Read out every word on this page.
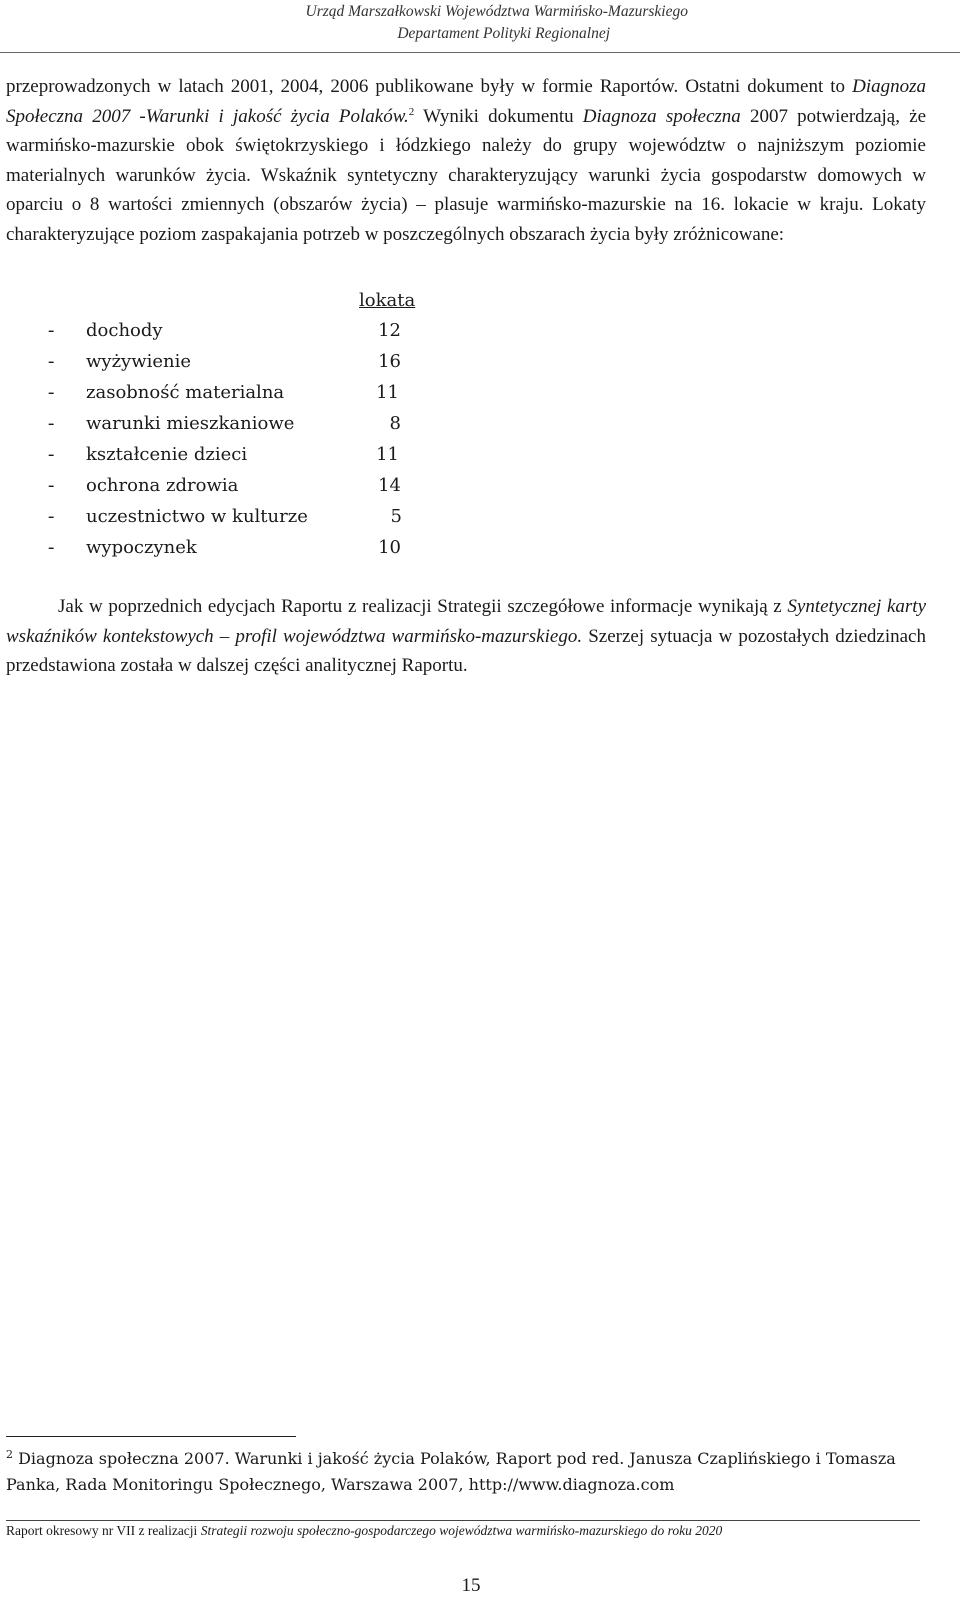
Urząd Marszałkowski Województwa Warmińsko-Mazurskiego
Departament Polityki Regionalnej
przeprowadzonych w latach 2001, 2004, 2006 publikowane były w formie Raportów. Ostatni dokument to Diagnoza Społeczna 2007 -Warunki i jakość życia Polaków.$^2$ Wyniki dokumentu Diagnoza społeczna 2007 potwierdzają, że warmińsko-mazurskie obok świętokrzyskiego i łódzkiego należy do grupy województw o najniższym poziomie materialnych warunków życia. Wskaźnik syntetyczny charakteryzujący warunki życia gospodarstw domowych w oparciu o 8 wartości zmiennych (obszarów życia) – plasuje warmińsko-mazurskie na 16. lokacie w kraju. Lokaty charakteryzujące poziom zaspakajania potrzeb w poszczególnych obszarach życia były zróżnicowane:
lokata
- dochody	12
- wyżywienie	16
- zasobność materialna	11
- warunki mieszkaniowe	8
- kształcenie dzieci	11
- ochrona zdrowia	14
- uczestnictwo w kulturze	5
- wypoczynek	10
Jak w poprzednich edycjach Raportu z realizacji Strategii szczegółowe informacje wynikają z Syntetycznej karty wskaźników kontekstowych – profil województwa warmińsko-mazurskiego. Szerzej sytuacja w pozostałych dziedzinach przedstawiona została w dalszej części analitycznej Raportu.
$^2$ Diagnoza społeczna 2007. Warunki i jakość życia Polaków, Raport pod red. Janusza Czaplińskiego i Tomasza Panka, Rada Monitoringu Społecznego, Warszawa 2007, http://www.diagnoza.com
Raport okresowy nr VII z realizacji Strategii rozwoju społeczno-gospodarczego województwa warmińsko-mazurskiego do roku 2020
15
